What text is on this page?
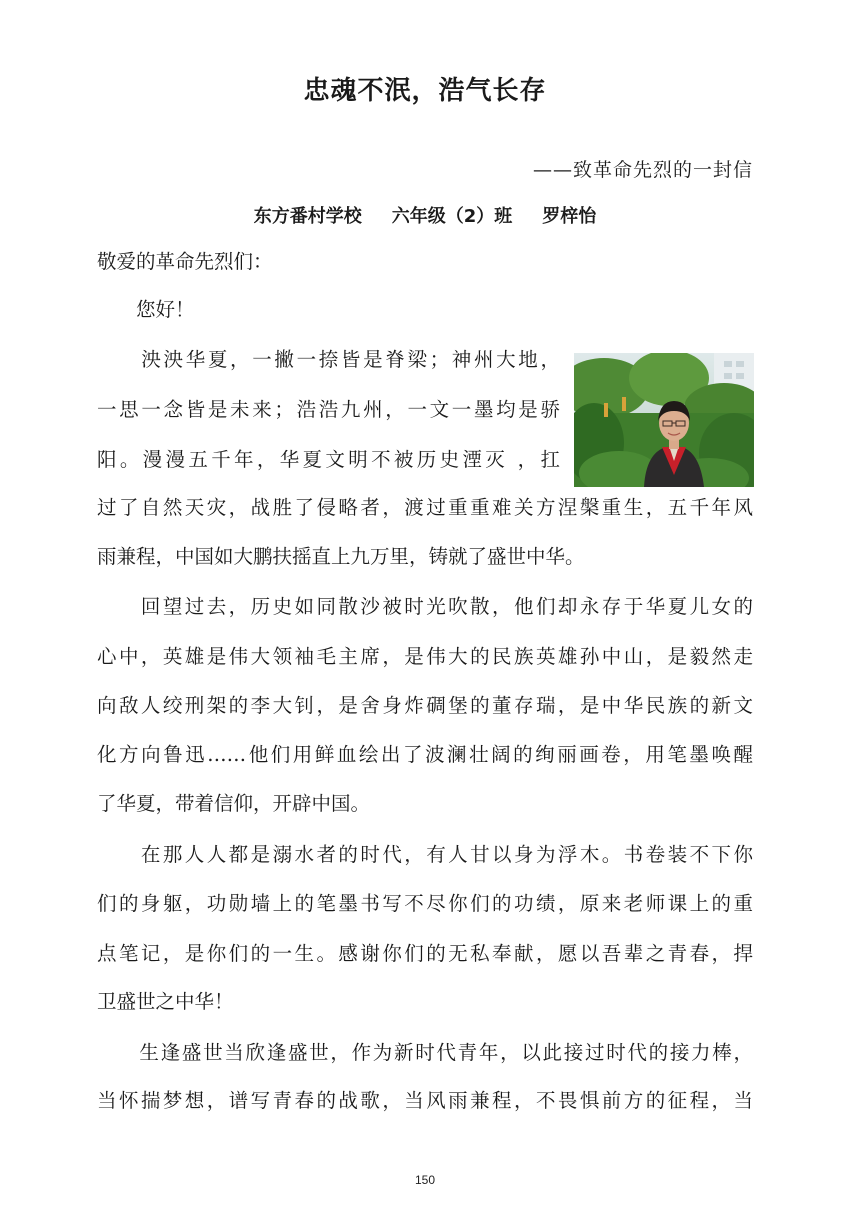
忠魂不泯，浩气长存
——致革命先烈的一封信
东方番村学校 六年级（2）班 罗梓怡
敬爱的革命先烈们：
　　您好！
　　泱泱华夏，一撇一捺皆是脊梁；神州大地，
一思一念皆是未来；浩浩九州，一文一墨均是骄
阳。漫漫五千年，华夏文明不被历史湮灭 ，扛
过了自然天灾，战胜了侵略者，渡过重重难关方涅槃重生，五千年风
雨兼程，中国如大鹏扶摇直上九万里，铸就了盛世中华。
　　回望过去，历史如同散沙被时光吹散，他们却永存于华夏儿女的
心中，英雄是伟大领袖毛主席，是伟大的民族英雄孙中山，是毅然走
向敌人绞刑架的李大钊，是舍身炸碉堡的董存瑞，是中华民族的新文
化方向鲁迅……他们用鲜血绘出了波澜壮阔的绚丽画卷，用笔墨唤醒
了华夏，带着信仰，开辟中国。
　　在那人人都是溺水者的时代，有人甘以身为浮木。书卷装不下你
们的身躯，功勋墙上的笔墨书写不尽你们的功绩，原来老师课上的重
点笔记，是你们的一生。感谢你们的无私奉献，愿以吾辈之青春，捍
卫盛世之中华！
　　生逢盛世当欣逢盛世，作为新时代青年，以此接过时代的接力棒，
当怀揣梦想，谱写青春的战歌，当风雨兼程，不畏惧前方的征程，当
150
